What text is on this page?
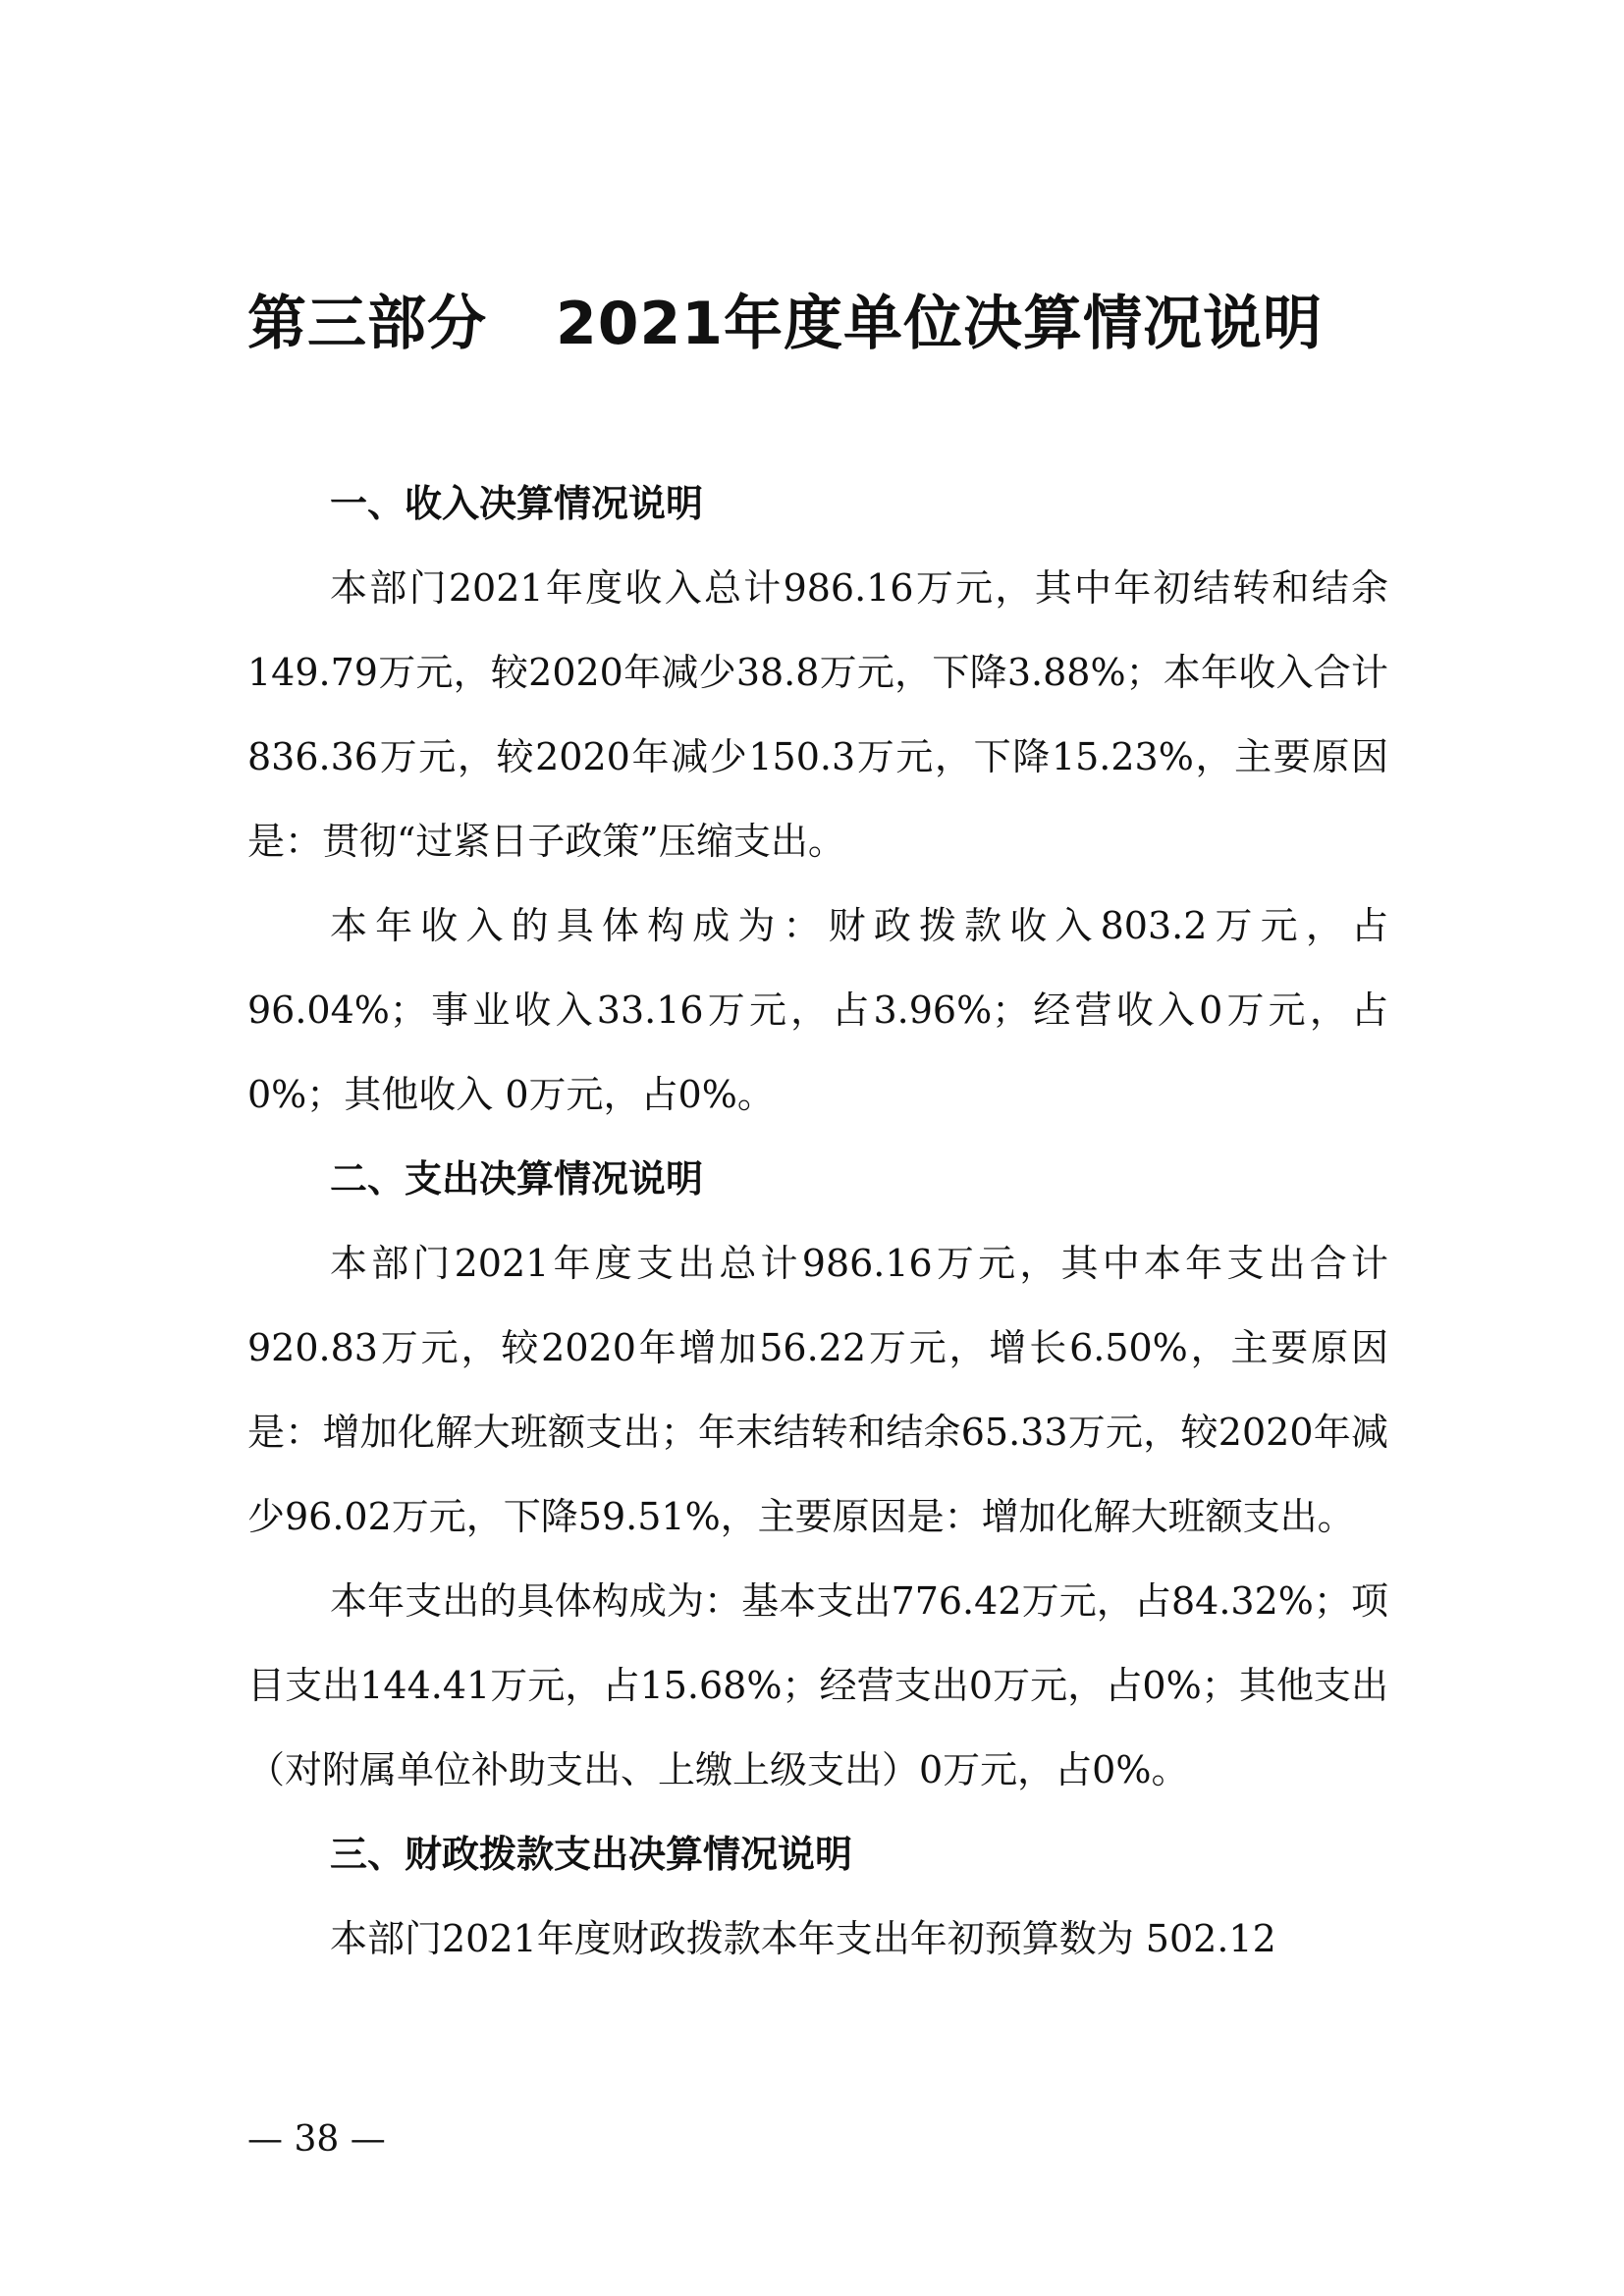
第三部分 2021年度单位决算情况说明
一、收入决算情况说明

本部门2021年度收入总计986.16万元，其中年初结转和结余149.79万元，较2020年减少38.8万元，下降3.88%；本年收入合计836.36万元，较2020年减少150.3万元，下降15.23%，主要原因是：贯彻“过紧日子政策”压缩支出。

本年收入的具体构成为：财政拨款收入803.2万元，占96.04%；事业收入33.16万元，占3.96%；经营收入0万元，占0%；其他收入 0万元，占0%。

二、支出决算情况说明

本部门2021年度支出总计986.16万元，其中本年支出合计920.83万元，较2020年增加56.22万元，增长6.50%，主要原因是：增加化解大班额支出；年末结转和结余65.33万元，较2020年减少96.02万元，下降59.51%，主要原因是：增加化解大班额支出。

本年支出的具体构成为：基本支出776.42万元，占84.32%；项目支出144.41万元，占15.68%；经营支出0万元，占0%；其他支出（对附属单位补助支出、上缴上级支出）0万元，占0%。

三、财政拨款支出决算情况说明

本部门2021年度财政拨款本年支出年初预算数为 502.12

— 38 —
